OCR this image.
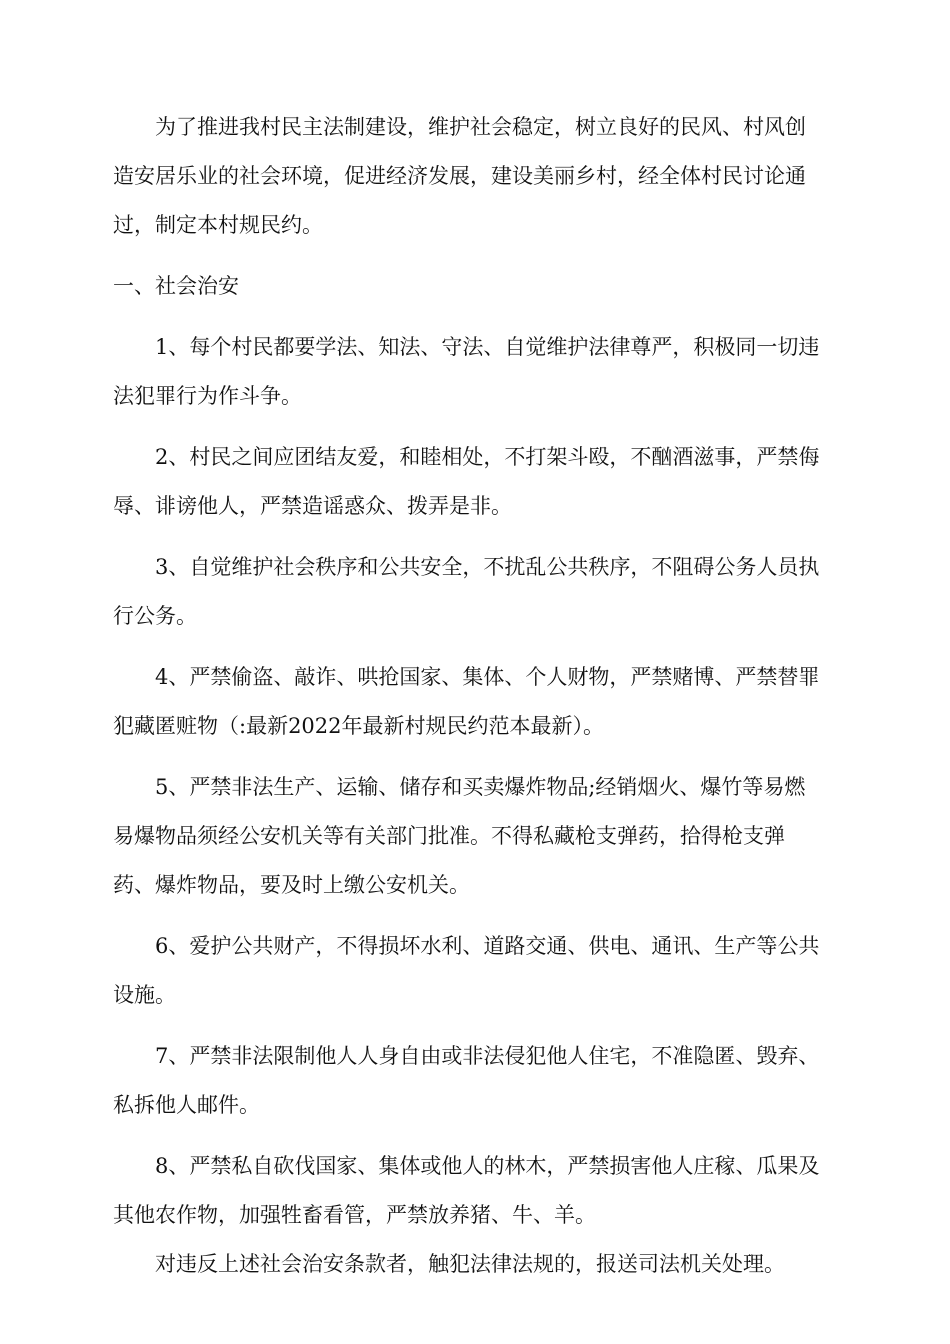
为了推进我村民主法制建设，维护社会稳定，树立良好的民风、村风创造安居乐业的社会环境，促进经济发展，建设美丽乡村，经全体村民讨论通过，制定本村规民约。

一、社会治安

1、每个村民都要学法、知法、守法、自觉维护法律尊严，积极同一切违法犯罪行为作斗争。

2、村民之间应团结友爱，和睦相处，不打架斗殴，不酗酒滋事，严禁侮辱、诽谤他人，严禁造谣惑众、拨弄是非。

3、自觉维护社会秩序和公共安全，不扰乱公共秩序，不阻碍公务人员执行公务。

4、严禁偷盗、敲诈、哄抢国家、集体、个人财物，严禁赌博、严禁替罪犯藏匿赃物（:最新2022年最新村规民约范本最新）。

5、严禁非法生产、运输、储存和买卖爆炸物品;经销烟火、爆竹等易燃易爆物品须经公安机关等有关部门批准。不得私藏枪支弹药，拾得枪支弹药、爆炸物品，要及时上缴公安机关。

6、爱护公共财产，不得损坏水利、道路交通、供电、通讯、生产等公共设施。

7、严禁非法限制他人人身自由或非法侵犯他人住宅，不准隐匿、毁弃、私拆他人邮件。

8、严禁私自砍伐国家、集体或他人的林木，严禁损害他人庄稼、瓜果及其他农作物，加强牲畜看管，严禁放养猪、牛、羊。

对违反上述社会治安条款者，触犯法律法规的，报送司法机关处理。
